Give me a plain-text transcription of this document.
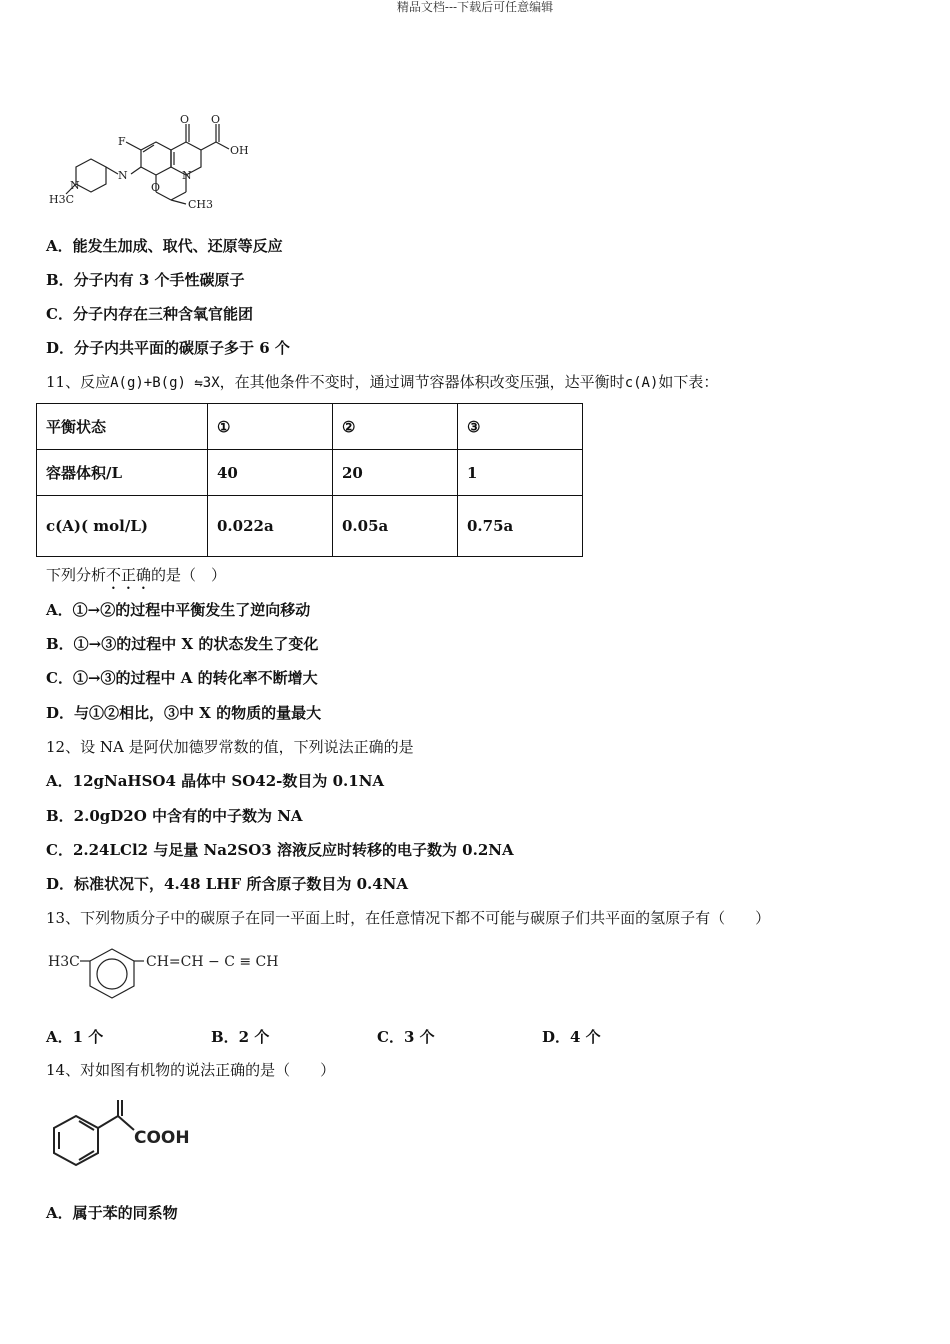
精品文档---下载后可任意编辑
F
O O
OH
N
N
H3C
O
N
CH3
A．能发生加成、取代、还原等反应
B．分子内有 3 个手性碳原子
C．分子内存在三种含氧官能团
D．分子内共平面的碳原子多于 6 个
11、反应A(g)+B(g) ⇋3X，在其他条件不变时，通过调节容器体积改变压强，达平衡时c(A)如下表：
平衡状态	①	②	③
容器体积/L	40	20	1
c(A)( mol/L)	0.022a	0.05a	0.75a
下列分析不正确的是（　）
A．①→②的过程中平衡发生了逆向移动
B．①→③的过程中 X 的状态发生了变化
C．①→③的过程中 A 的转化率不断增大
D．与①②相比，③中 X 的物质的量最大
12、设 NA 是阿伏加德罗常数的值，下列说法正确的是
A．12gNaHSO4 晶体中 SO42-数目为 0.1NA
B．2.0gD2O 中含有的中子数为 NA
C．2.24LCl2 与足量 Na2SO3 溶液反应时转移的电子数为 0.2NA
D．标准状况下，4.48 LHF 所含原子数目为 0.4NA
13、下列物质分子中的碳原子在同一平面上时，在任意情况下都不可能与碳原子们共平面的氢原子有（　　）
H3C	CH=CH − C ≡ CH
A．1 个	B．2 个	C．3 个	D．4 个
14、对如图有机物的说法正确的是（　　）
COOH
A．属于苯的同系物
